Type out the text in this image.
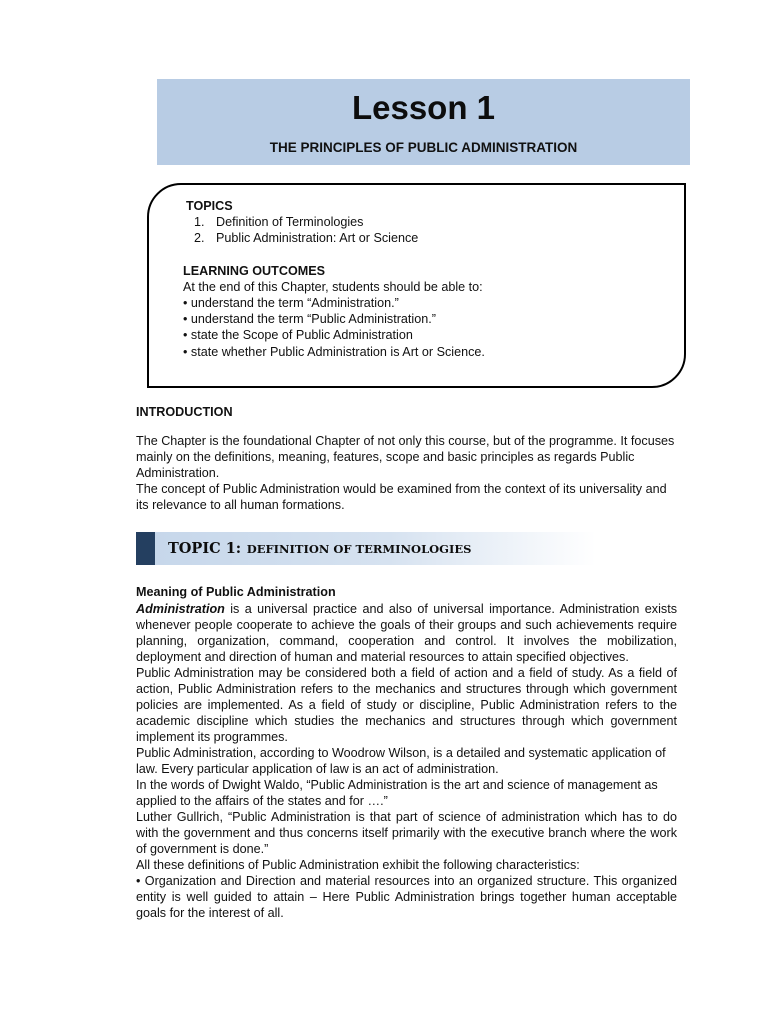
Lesson 1
THE PRINCIPLES OF PUBLIC ADMINISTRATION
TOPICS
1. Definition of Terminologies
2. Public Administration: Art or Science
LEARNING OUTCOMES
At the end of this Chapter, students should be able to:
• understand the term “Administration.”
• understand the term “Public Administration.”
• state the Scope of Public Administration
• state whether Public Administration is Art or Science.
INTRODUCTION

The Chapter is the foundational Chapter of not only this course, but of the programme. It focuses mainly on the definitions, meaning, features, scope and basic principles as regards Public Administration.

The concept of Public Administration would be examined from the context of its universality and its relevance to all human formations.

TOPIC 1: DEFINITION OF TERMINOLOGIES
Meaning of Public Administration

Administration is a universal practice and also of universal importance. Administration exists whenever people cooperate to achieve the goals of their groups and such achievements require planning, organization, command, cooperation and control. It involves the mobilization, deployment and direction of human and material resources to attain specified objectives.

Public Administration may be considered both a field of action and a field of study. As a field of action, Public Administration refers to the mechanics and structures through which government policies are implemented. As a field of study or discipline, Public Administration refers to the academic discipline which studies the mechanics and structures through which government implement its programmes.

Public Administration, according to Woodrow Wilson, is a detailed and systematic application of law. Every particular application of law is an act of administration.

In the words of Dwight Waldo, “Public Administration is the art and science of management as applied to the affairs of the states and for ….”

Luther Gullrich, “Public Administration is that part of science of administration which has to do with the government and thus concerns itself primarily with the executive branch where the work of government is done.”

All these definitions of Public Administration exhibit the following characteristics:

• Organization and Direction and material resources into an organized structure. This organized entity is well guided to attain – Here Public Administration brings together human acceptable goals for the interest of all.
